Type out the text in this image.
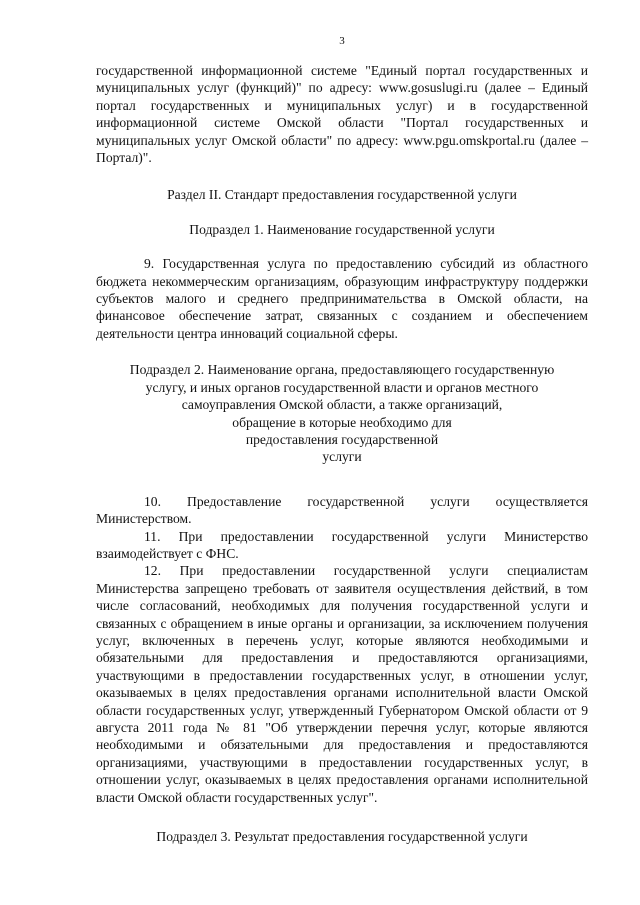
3

государственной информационной системе "Единый портал государственных и муниципальных услуг (функций)" по адресу: www.gosuslugi.ru (далее – Единый портал государственных и муниципальных услуг) и в государственной информационной системе Омской области "Портал государственных и муниципальных услуг Омской области" по адресу: www.pgu.omskportal.ru (далее – Портал)".

Раздел II. Стандарт предоставления государственной услуги

Подраздел 1. Наименование государственной услуги

9. Государственная услуга по предоставлению субсидий из областного бюджета некоммерческим организациям, образующим инфраструктуру поддержки субъектов малого и среднего предпринимательства в Омской области, на финансовое обеспечение затрат, связанных с созданием и обеспечением деятельности центра инноваций социальной сферы.

Подраздел 2. Наименование органа, предоставляющего государственную

услугу, и иных органов государственной власти и органов местного

самоуправления Омской области, а также организаций,

обращение в которые необходимо для

предоставления государственной

услуги

10. Предоставление государственной услуги осуществляется Министерством.

11. При предоставлении государственной услуги Министерство взаимодействует с ФНС.

12. При предоставлении государственной услуги специалистам Министерства запрещено требовать от заявителя осуществления действий, в том числе согласований, необходимых для получения государственной услуги и связанных с обращением в иные органы и организации, за исключением получения услуг, включенных в перечень услуг, которые являются необходимыми и обязательными для предоставления и предоставляются организациями, участвующими в предоставлении государственных услуг, в отношении услуг, оказываемых в целях предоставления органами исполнительной власти Омской области государственных услуг, утвержденный Губернатором Омской области от 9 августа 2011 года № 81 "Об утверждении перечня услуг, которые являются необходимыми и обязательными для предоставления и предоставляются организациями, участвующими в предоставлении государственных услуг, в отношении услуг, оказываемых в целях предоставления органами исполнительной власти Омской области государственных услуг".

Подраздел 3. Результат предоставления государственной услуги
